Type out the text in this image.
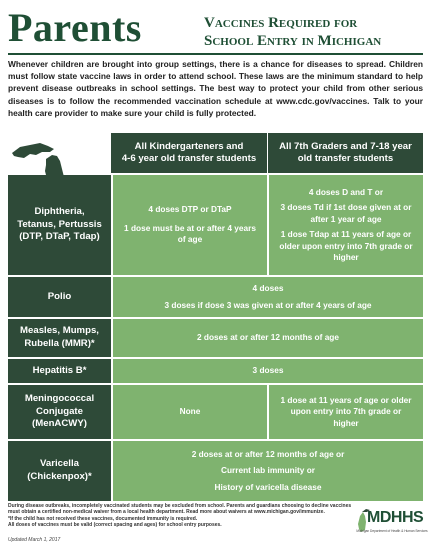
Parents	Vaccines Required for
School Entry in Michigan
Whenever children are brought into group settings, there is a chance for diseases to spread. Children must follow state vaccine laws in order to attend school. These laws are the minimum standard to help prevent disease outbreaks in school settings. The best way to protect your child from other serious diseases is to follow the recommended vaccination schedule at www.cdc.gov/vaccines. Talk to your health care provider to make sure your child is fully protected.
All Kindergarteners and
4-6 year old transfer students
All 7th Graders and 7-18 year
old transfer students
Diphtheria,
Tetanus, Pertussis
(DTP, DTaP, Tdap)

4 doses DTP or DTaP

1 dose must be at or after 4 years of age

4 doses D and T or

3 doses Td if 1st dose given at or after 1 year of age

1 dose Tdap at 11 years of age or older upon entry into 7th grade or higher

Polio

4 doses

3 doses if dose 3 was given at or after 4 years of age

Measles, Mumps,
Rubella (MMR)*

2 doses at or after 12 months of age

Hepatitis B*	3 doses

Meningococcal
Conjugate
(MenACWY)

None

1 dose at 11 years of age or older upon entry into 7th grade or higher

Varicella
(Chickenpox)*

2 doses at or after 12 months of age or

Current lab immunity or

History of varicella disease

During disease outbreaks, incompletely vaccinated students may be excluded from school. Parents and guardians choosing to decline vaccines must obtain a certified non-medical waiver from a local health department. Read more about waivers at www.michigan.gov/immunize.
*If the child has not received these vaccines, documented immunity is required.
All doses of vaccines must be valid (correct spacing and ages) for school entry purposes.
Updated March 1, 2017
MDHHS
Michigan Department of Health & Human Services
